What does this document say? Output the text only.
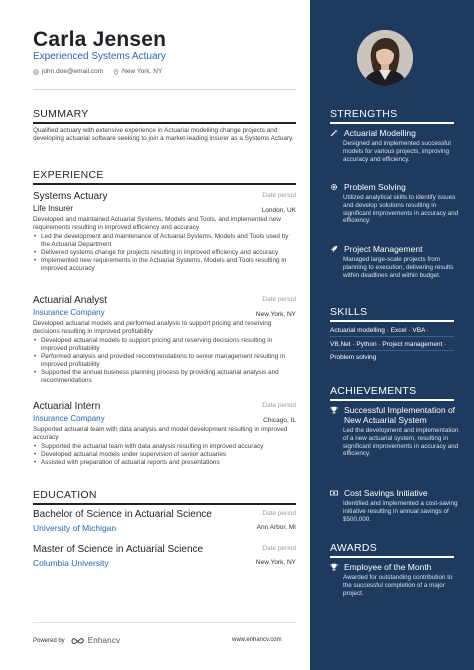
Carla Jensen
Experienced Systems Actuary
john.doe@email.com	New York, NY
SUMMARY
Qualified actuary with extensive experience in Actuarial modelling change projects and developing actuarial software seeking to join a market-leading insurer as a Systems Actuary.
EXPERIENCE
Systems Actuary	Date period
Life Insurer	London, UK
Developed and maintained Actuarial Systems, Models and Tools, and implemented new requirements resulting in improved efficiency and accuracy
• Led the development and maintenance of Actuarial Systems, Models and Tools used by the Actuarial Department
• Delivered systems change for projects resulting in improved efficiency and accuracy
• Implemented new requirements in the Actuarial Systems, Models and Tools resulting in improved accuracy
Actuarial Analyst	Date period
Insurance Company	New York, NY
Developed actuarial models and performed analysis to support pricing and reserving decisions resulting in improved profitability
• Developed actuarial models to support pricing and reserving decisions resulting in improved profitability
• Performed analysis and provided recommendations to senior management resulting in improved profitability
• Supported the annual business planning process by providing actuarial analysis and recommendations
Actuarial Intern	Date period
Insurance Company	Chicago, IL
Supported actuarial team with data analysis and model development resulting in improved accuracy
• Supported the actuarial team with data analysis resulting in improved accuracy
• Developed actuarial models under supervision of senior actuaries
• Assisted with preparation of actuarial reports and presentations
EDUCATION
Bachelor of Science in Actuarial Science	Date period
University of Michigan	Ann Arbor, MI
Master of Science in Actuarial Science	Date period
Columbia University	New York, NY
Powered by	Enhancv	www.enhancv.com
STRENGTHS
Actuarial Modelling
Designed and implemented successful models for various projects, improving accuracy and efficiency.
Problem Solving
Utilized analytical skills to identify issues and develop solutions resulting in significant improvements in accuracy and efficiency.
Project Management
Managed large-scale projects from planning to execution, delivering results within deadlines and within budget.
SKILLS
Actuarial modelling · Excel · VBA ·
VB.Net · Python · Project management ·
Problem solving
ACHIEVEMENTS
Successful Implementation of New Actuarial System
Led the development and implementation of a new actuarial system, resulting in significant improvements in accuracy and efficiency.
Cost Savings Initiative
Identified and implemented a cost-saving initiative resulting in annual savings of $500,000.
AWARDS
Employee of the Month
Awarded for outstanding contribution to the successful completion of a major project.
